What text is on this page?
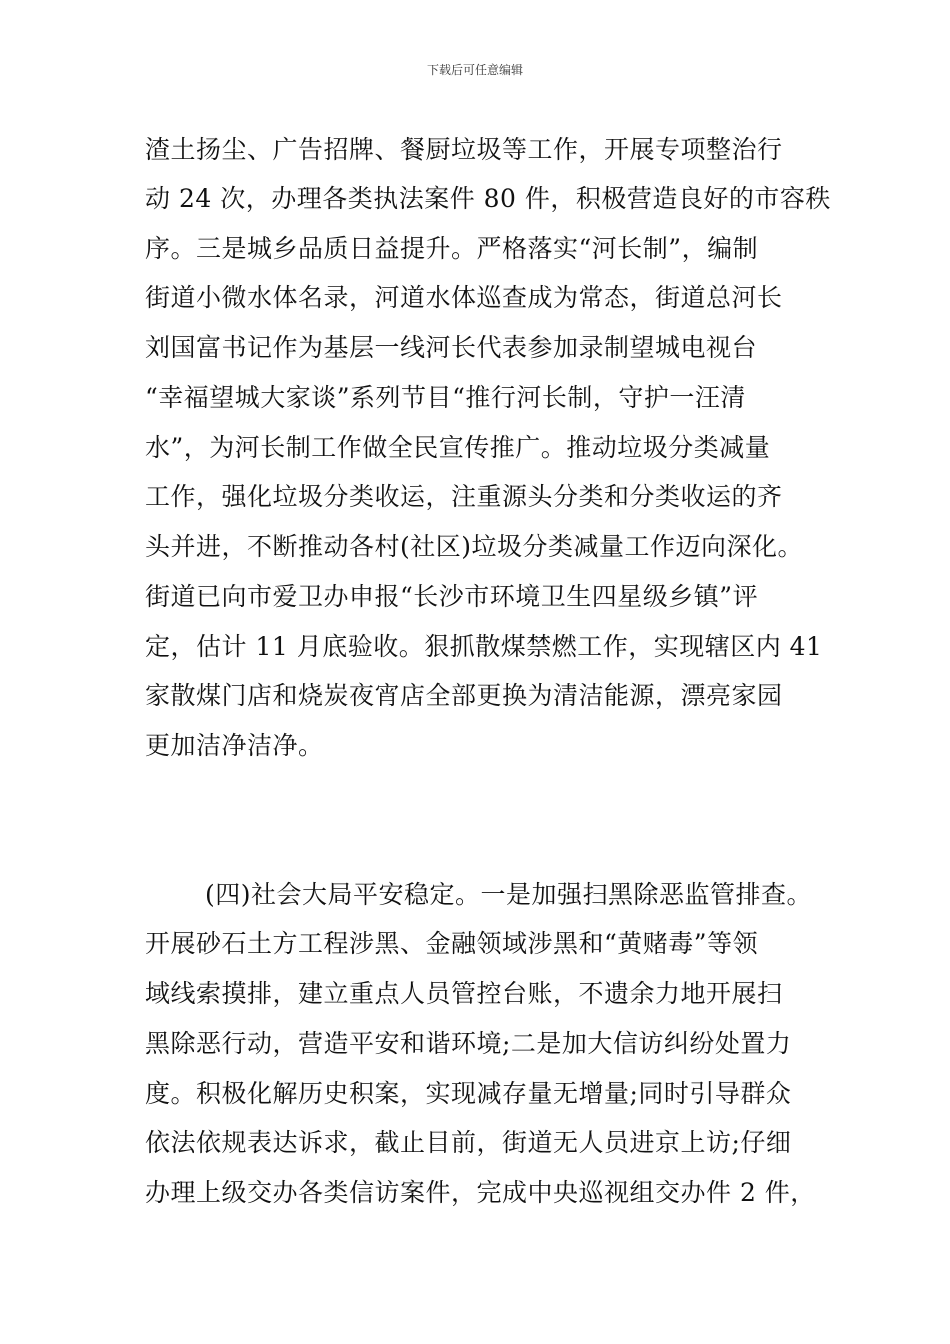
下载后可任意编辑
渣土扬尘、广告招牌、餐厨垃圾等工作，开展专项整治行
动 24 次，办理各类执法案件 80 件，积极营造良好的市容秩
序。三是城乡品质日益提升。严格落实“河长制”，编制
街道小微水体名录，河道水体巡查成为常态，街道总河长
刘国富书记作为基层一线河长代表参加录制望城电视台
“幸福望城大家谈”系列节目“推行河长制，守护一汪清
水”，为河长制工作做全民宣传推广。推动垃圾分类减量
工作，强化垃圾分类收运，注重源头分类和分类收运的齐
头并进，不断推动各村(社区)垃圾分类减量工作迈向深化。
街道已向市爱卫办申报“长沙市环境卫生四星级乡镇”评
定，估计 11 月底验收。狠抓散煤禁燃工作，实现辖区内 41
家散煤门店和烧炭夜宵店全部更换为清洁能源，漂亮家园
更加洁净洁净。
(四)社会大局平安稳定。一是加强扫黑除恶监管排查。
开展砂石土方工程涉黑、金融领域涉黑和“黄赌毒”等领
域线索摸排，建立重点人员管控台账，不遗余力地开展扫
黑除恶行动，营造平安和谐环境;二是加大信访纠纷处置力
度。积极化解历史积案，实现减存量无增量;同时引导群众
依法依规表达诉求，截止目前，街道无人员进京上访;仔细
办理上级交办各类信访案件，完成中央巡视组交办件 2 件，
